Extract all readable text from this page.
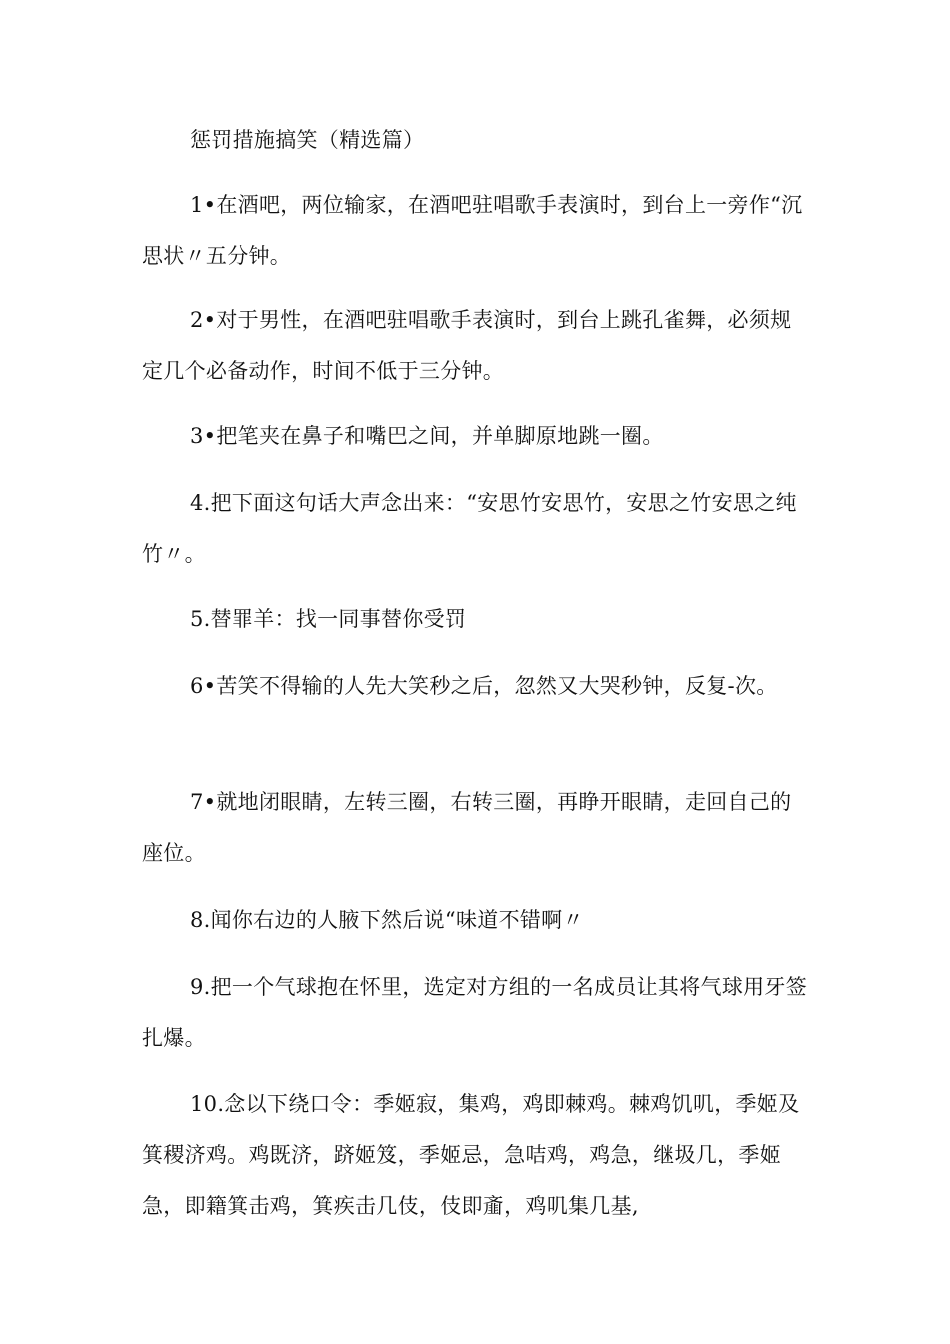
惩罚措施搞笑（精选篇）

1•在酒吧，两位输家，在酒吧驻唱歌手表演时，到台上一旁作“沉思状〃五分钟。

2•对于男性，在酒吧驻唱歌手表演时，到台上跳孔雀舞，必须规定几个必备动作，时间不低于三分钟。

3•把笔夹在鼻子和嘴巴之间，并单脚原地跳一圈。

4.把下面这句话大声念出来：“安思竹安思竹，安思之竹安思之纯竹〃。

5.替罪羊：找一同事替你受罚

6•苦笑不得输的人先大笑秒之后，忽然又大哭秒钟，反复-次。

7•就地闭眼睛，左转三圈，右转三圈，再睁开眼睛，走回自己的座位。

8.闻你右边的人腋下然后说“味道不错啊〃

9.把一个气球抱在怀里，选定对方组的一名成员让其将气球用牙签扎爆。

10.念以下绕口令：季姬寂，集鸡，鸡即棘鸡。棘鸡饥叽，季姬及箕稷济鸡。鸡既济，跻姬笈，季姬忌，急咭鸡，鸡急，继圾几，季姬急，即籍箕击鸡，箕疾击几伎，伎即齑，鸡叽集几基,
